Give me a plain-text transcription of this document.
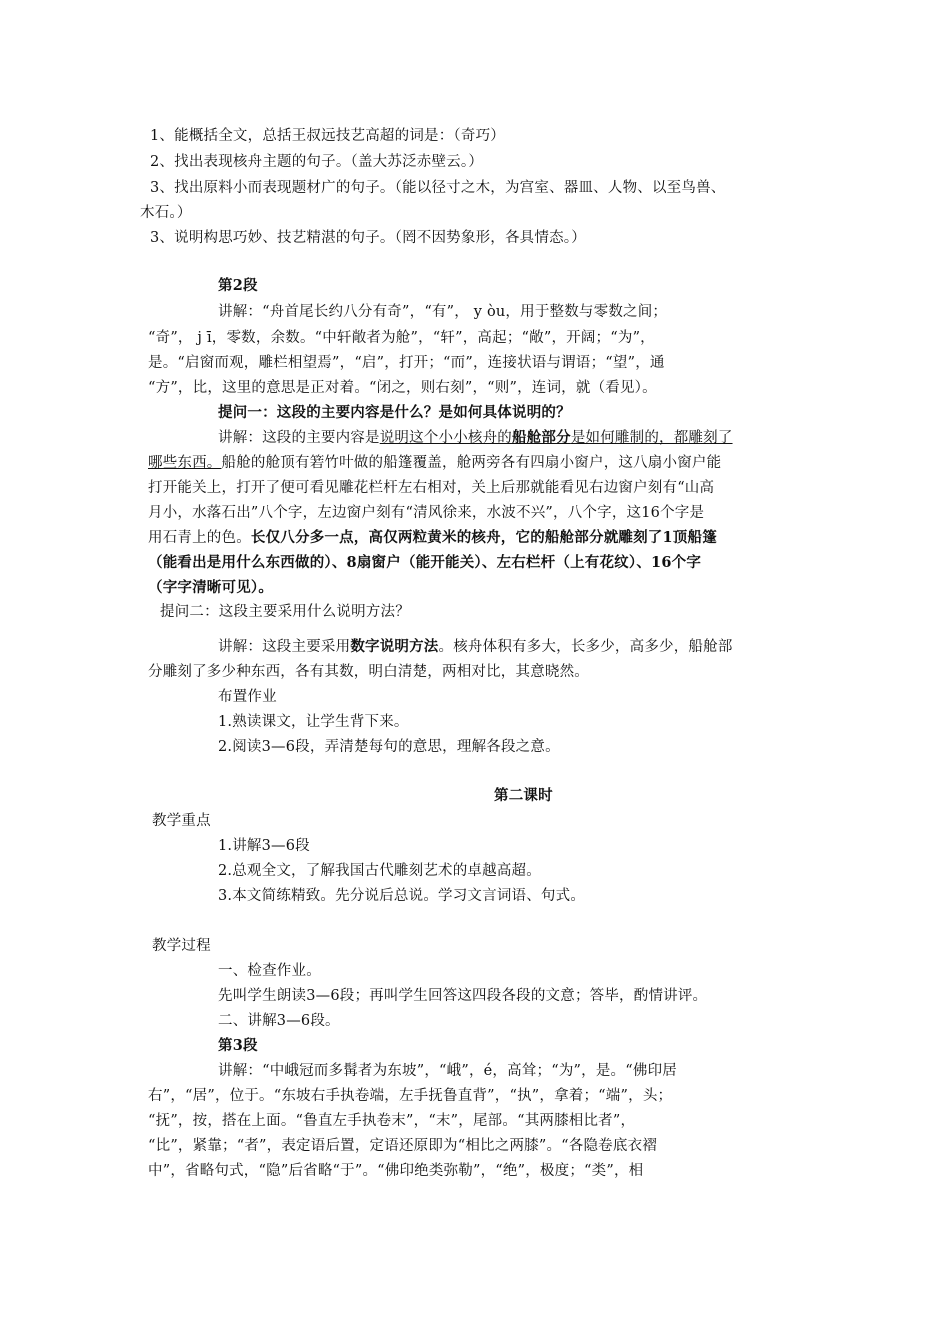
1、能概括全文，总括王叔远技艺高超的词是：（奇巧）
2、找出表现核舟主题的句子。（盖大苏泛赤壁云。）
3、找出原料小而表现题材广的句子。（能以径寸之木，为宫室、器皿、人物、以至鸟兽、
木石。）
3、说明构思巧妙、技艺精湛的句子。（罔不因势象形，各具情态。）
第2段
讲解：“舟首尾长约八分有奇”，“有”， y òu，用于整数与零数之间；
“奇”， j ī，零数，余数。“中轩敞者为舱”，“轩”，高起；“敞”，开阔；“为”，
是。“启窗而观，雕栏相望焉”，“启”，打开；“而”，连接状语与谓语；“望”，通
“方”，比，这里的意思是正对着。“闭之，则右刻”，“则”，连词，就（看见）。
提问一：这段的主要内容是什么？是如何具体说明的？
讲解：这段的主要内容是说明这个小小核舟的船舱部分是如何雕制的，都雕刻了
哪些东西。船舱的舱顶有箬竹叶做的船篷覆盖，舱两旁各有四扇小窗户，这八扇小窗户能
打开能关上，打开了便可看见雕花栏杆左右相对，关上后那就能看见右边窗户刻有“山高
月小，水落石出”八个字，左边窗户刻有“清风徐来，水波不兴”，八个字，这16个字是
用石青上的色。长仅八分多一点，高仅两粒黄米的核舟，它的船舱部分就雕刻了1顶船篷
（能看出是用什么东西做的）、8扇窗户（能开能关）、左右栏杆（上有花纹）、16个字
（字字清晰可见）。
提问二：这段主要采用什么说明方法？
讲解：这段主要采用数字说明方法。核舟体积有多大，长多少，高多少，船舱部
分雕刻了多少种东西，各有其数，明白清楚，两相对比，其意晓然。
布置作业
1.熟读课文，让学生背下来。
2.阅读3—6段，弄清楚每句的意思，理解各段之意。
第二课时
教学重点
1.讲解3—6段
2.总观全文，了解我国古代雕刻艺术的卓越高超。
3.本文简练精致。先分说后总说。学习文言词语、句式。
教学过程
一、检查作业。
先叫学生朗读3—6段；再叫学生回答这四段各段的文意；答毕，酌情讲评。
二、讲解3—6段。
第3段
讲解：“中峨冠而多髯者为东坡”，“峨”，é，高耸；“为”，是。“佛印居
右”，“居”，位于。“东坡右手执卷端，左手抚鲁直背”，“执”，拿着；“端”，头；
“抚”，按，搭在上面。“鲁直左手执卷末”，“末”，尾部。“其两膝相比者”，
“比”，紧靠；“者”，表定语后置，定语还原即为“相比之两膝”。“各隐卷底衣褶
中”，省略句式，“隐”后省略“于”。“佛印绝类弥勒”，“绝”，极度；“类”，相
